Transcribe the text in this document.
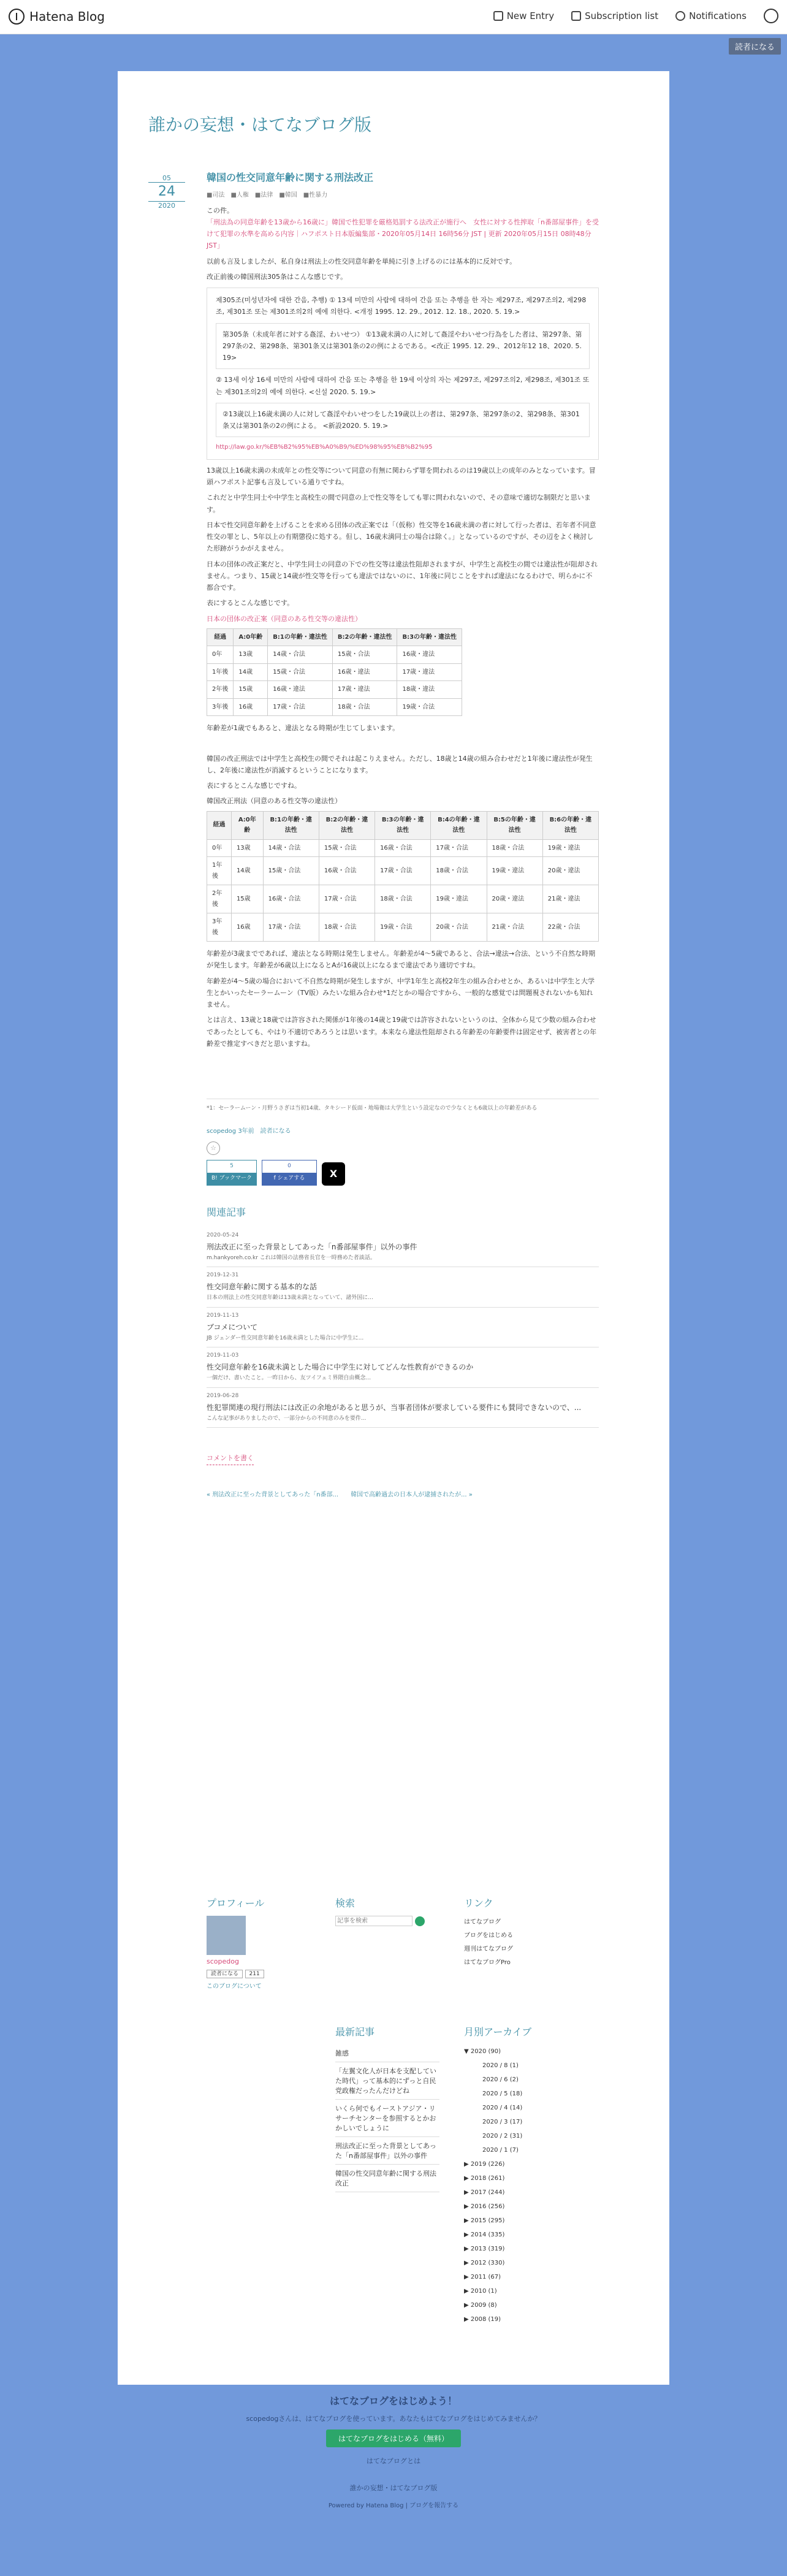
Hatena Blog	New Entry	Subscription list	Notifications
読者になる
誰かの妄想・はてなブログ版
05
24
2020
韓国の性交同意年齢に関する刑法改正
■司法　■人権　■法律　■韓国　■性暴力
この件。
「刑法為の同意年齢を13歳から16歳に」韓国で性犯罪を厳格処罰する法改正が施行へ　女性に対する性搾取「n番部屋事件」を受けて犯罪の水準を高める内容｜ハフポスト日本版編集部・2020年05月14日 16時56分 JST | 更新 2020年05月15日 08時48分 JST」

以前も言及しましたが、私自身は刑法上の性交同意年齢を単純に引き上げるのには基本的に反対です。

改正前後の韓国刑法305条はこんな感じです。

제305조(미성년자에 대한 간음, 추행) ① 13세 미만의 사람에 대하여 간음 또는 추행을 한 자는 제297조, 제297조의2, 제298조, 제301조 또는 제301조의2의 예에 의한다. <개정 1995. 12. 29., 2012. 12. 18., 2020. 5. 19.>
第305条（未成年者に対する姦淫、わいせつ） ①13歳未満の人に対して姦淫やわいせつ行為をした者は、第297条、第297条の2、第298条、第301条又は第301条の2の例によるである。<改正 1995. 12. 29.、2012年12 18、2020. 5. 19>
② 13세 이상 16세 미만의 사람에 대하여 간음 또는 추행을 한 19세 이상의 자는 제297조, 제297조의2, 제298조, 제301조 또는 제301조의2의 예에 의한다. <신설 2020. 5. 19.>
②13歳以上16歳未満の人に対して姦淫やわいせつをした19歳以上の者は、第297条、第297条の2、第298条、第301条又は第301条の2の例による。 <新設2020. 5. 19.>
http://law.go.kr/%EB%B2%95%EB%A0%B9/%ED%98%95%EB%B2%95

13歳以上16歳未満の未成年との性交等について同意の有無に関わらず罪を問われるのは19歳以上の成年のみとなっています。冒頭ハフポスト記事も言及している通りですね。

これだと中学生同士や中学生と高校生の間で同意の上で性交等をしても罪に問われないので、その意味で適切な制限だと思います。

日本で性交同意年齢を上げることを求める団体の改正案では「（仮称）性交等を16歳未満の者に対して行った者は、若年者不同意性交の罪とし、5年以上の有期懲役に処する。但し、16歳未満同士の場合は除く。」となっているのですが、その辺をよく検討した形跡がうかがえません。

日本の団体の改正案だと、中学生同士の同意の下での性交等は違法性阻却されますが、中学生と高校生の間では違法性が阻却されません。つまり、15歳と14歳が性交等を行っても違法ではないのに、1年後に同じことをすれば違法になるわけで、明らかに不都合です。

表にするとこんな感じです。

日本の団体の改正案（同意のある性交等の違法性）
経過	A:0年齢	B:1の年齢・違法性	B:2の年齢・違法性	B:3の年齢・違法性
0年	13歳	14歳・合法	15歳・合法	16歳・違法
1年後	14歳	15歳・合法	16歳・違法	17歳・違法
2年後	15歳	16歳・違法	17歳・違法	18歳・違法
3年後	16歳	17歳・合法	18歳・合法	19歳・合法

年齢差が1歳でもあると、違法となる時期が生じてしまいます。

韓国の改正刑法では中学生と高校生の間でそれは起こりえません。ただし、18歳と14歳の組み合わせだと1年後に違法性が発生し、2年後に違法性が消滅するということになります。

表にするとこんな感じですね。

韓国改正刑法（同意のある性交等の違法性）
経過	A:0年齢	B:1の年齢・違法性	B:2の年齢・違法性	B:3の年齢・違法性	B:4の年齢・違法性	B:5の年齢・違法性	B:6の年齢・違法性
0年	13歳	14歳・合法	15歳・合法	16歳・合法	17歳・合法	18歳・合法	19歳・違法
1年後	14歳	15歳・合法	16歳・合法	17歳・合法	18歳・合法	19歳・違法	20歳・違法
2年後	15歳	16歳・合法	17歳・合法	18歳・合法	19歳・違法	20歳・違法	21歳・違法
3年後	16歳	17歳・合法	18歳・合法	19歳・合法	20歳・合法	21歳・合法	22歳・合法

年齢差が3歳までであれば、違法となる時期は発生しません。年齢差が4〜5歳であると、合法→違法→合法、という不自然な時期が発生します。年齢差が6歳以上になるとAが16歳以上になるまで違法であり適切ですね。

年齢差が4〜5歳の場合において不自然な時期が発生しますが、中学1年生と高校2年生の組み合わせとか、あるいは中学生と大学生とかいったセーラームーン（TV版）みたいな組み合わせ*1だとかの場合ですから、一般的な感覚では問題視されないかも知れません。

とは言え、13歳と18歳では許容された関係が1年後の14歳と19歳では許容されないというのは、全体から見て少数の組み合わせであったとしても、やはり不適切であろうとは思います。本来なら違法性阻却される年齢差の年齢要件は固定せず、被害者との年齢差で推定すべきだと思いますね。

*1：セーラームーン・月野うさぎは当初14歳、タキシード仮面・地場衛は大学生という設定なので少なくとも6歳以上の年齢差がある
scopedog 3年前　読者になる
☆
5
B! ブックマーク
0
f シェアする	X
関連記事
2020-05-24
刑法改正に至った背景としてあった「n番部屋事件」以外の事件
m.hankyoreh.co.kr これは韓国の法務省長官を一時務めた者談話。
2019-12-31
性交同意年齢に関する基本的な話
日本の刑法上の性交同意年齢は13歳未満となっていて、諸外国に...
2019-11-13
ブコメについて
JB ジェンダー性交同意年齢を16歳未満とした場合に中学生に...
2019-11-03
性交同意年齢を16歳未満とした場合に中学生に対してどんな性教育ができるのか
一個だけ、書いたこと。一昨日から、友ツイフェミ界隈自由概念...
2019-06-28
性犯罪関連の現行刑法には改正の余地があると思うが、当事者団体が要求している要件にも賛同できないので、...
こんな記事がありましたので、一部分からの不同意のみを要件...
コメントを書く
« 刑法改正に至った背景としてあった「n番部...　　韓国で高齢過去の日本人が逮捕されたが... »
プロフィール
scopedog
読者になる 211
このブログについて
検索
記事を検索	リンク
はてなブログ
ブログをはじめる
週刊はてなブログ
はてなブログPro
最新記事
雑感
「左翼文化人が日本を支配していた時代」って基本的にずっと自民党政権だったんだけどね
いくら何でもイーストアジア・リサーチセンターを参照するとかおかしいでしょうに
刑法改正に至った背景としてあった「n番部屋事件」以外の事件
韓国の性交同意年齢に関する刑法改正
月別アーカイブ
▼ 2020 (90)
2020 / 8 (1)
2020 / 6 (2)
2020 / 5 (18)
2020 / 4 (14)
2020 / 3 (17)
2020 / 2 (31)
2020 / 1 (7)
▶ 2019 (226)
▶ 2018 (261)
▶ 2017 (244)
▶ 2016 (256)
▶ 2015 (295)
▶ 2014 (335)
▶ 2013 (319)
▶ 2012 (330)
▶ 2011 (67)
▶ 2010 (1)
▶ 2009 (8)
▶ 2008 (19)
はてなブログをはじめよう！
scopedogさんは、はてなブログを使っています。あなたもはてなブログをはじめてみませんか？
はてなブログをはじめる（無料）
はてなブログとは
誰かの妄想・はてなブログ版
Powered by Hatena Blog | ブログを報告する
